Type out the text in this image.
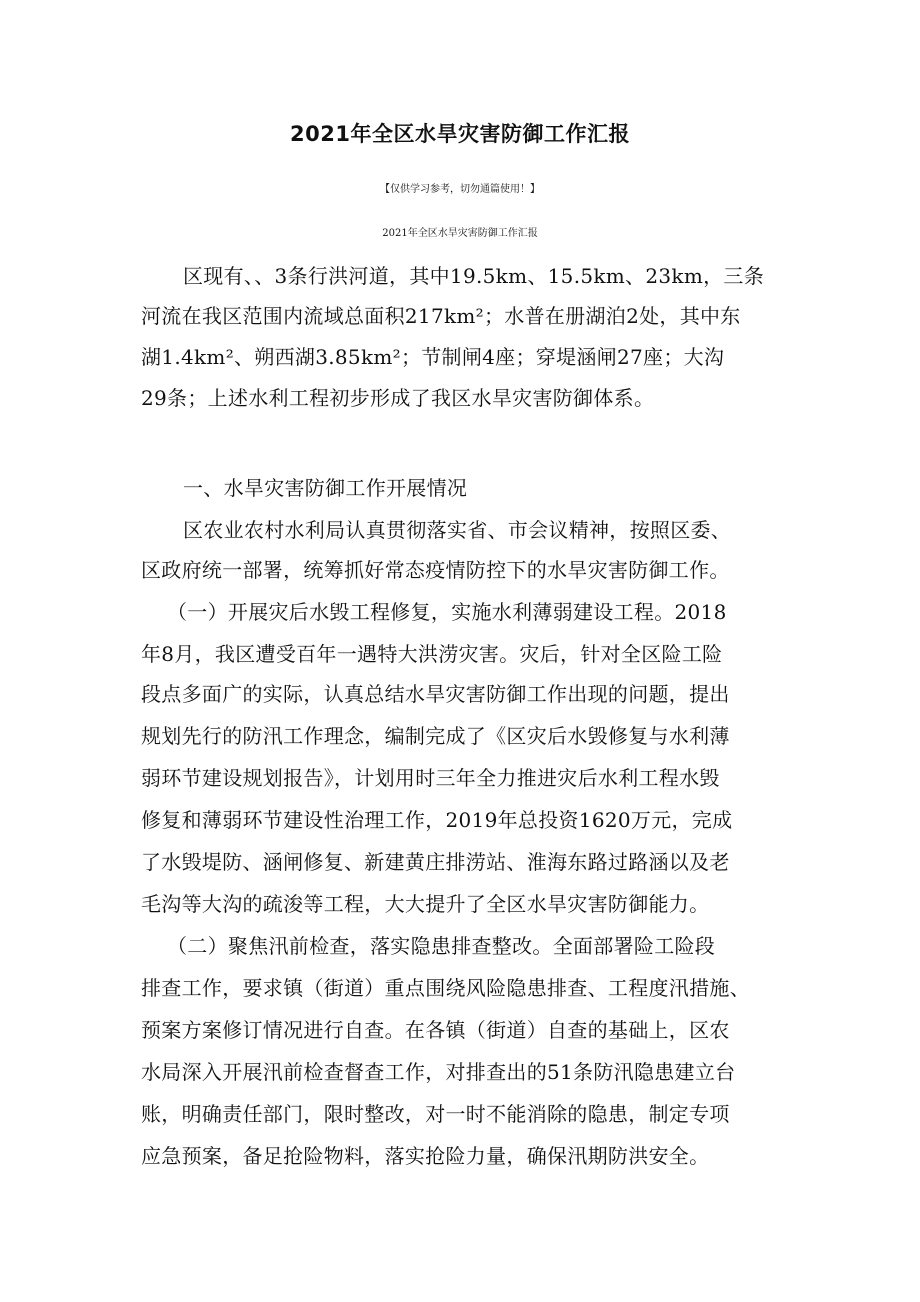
2021年全区水旱灾害防御工作汇报
【仅供学习参考，切勿通篇使用！】
2021年全区水旱灾害防御工作汇报
区现有、、3条行洪河道，其中19.5km、15.5km、23km，三条
河流在我区范围内流域总面积217km²；水普在册湖泊2处，其中东
湖1.4km²、朔西湖3.85km²；节制闸4座；穿堤涵闸27座；大沟
29条；上述水利工程初步形成了我区水旱灾害防御体系。
一、水旱灾害防御工作开展情况
区农业农村水利局认真贯彻落实省、市会议精神，按照区委、
区政府统一部署，统筹抓好常态疫情防控下的水旱灾害防御工作。
（一）开展灾后水毁工程修复，实施水利薄弱建设工程。2018
年8月，我区遭受百年一遇特大洪涝灾害。灾后，针对全区险工险
段点多面广的实际，认真总结水旱灾害防御工作出现的问题，提出
规划先行的防汛工作理念，编制完成了《区灾后水毁修复与水利薄
弱环节建设规划报告》，计划用时三年全力推进灾后水利工程水毁
修复和薄弱环节建设性治理工作，2019年总投资1620万元，完成
了水毁堤防、涵闸修复、新建黄庄排涝站、淮海东路过路涵以及老
毛沟等大沟的疏浚等工程，大大提升了全区水旱灾害防御能力。
（二）聚焦汛前检查，落实隐患排查整改。全面部署险工险段
排查工作，要求镇（街道）重点围绕风险隐患排查、工程度汛措施、
预案方案修订情况进行自查。在各镇（街道）自查的基础上，区农
水局深入开展汛前检查督查工作，对排查出的51条防汛隐患建立台
账，明确责任部门，限时整改，对一时不能消除的隐患，制定专项
应急预案，备足抢险物料，落实抢险力量，确保汛期防洪安全。
